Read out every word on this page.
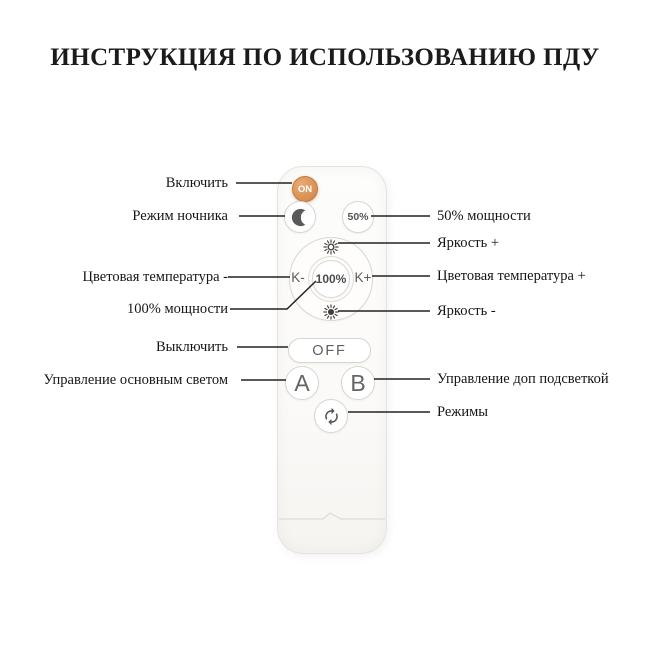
ИНСТРУКЦИЯ ПО ИСПОЛЬЗОВАНИЮ ПДУ
Включить
Режим ночника
Цветовая температура -
100% мощности
Выключить
Управление основным светом
50% мощности
Яркость +
Цветовая температура +
Яркость -
Управление доп подсветкой
Режимы
ON
50%
K- 100% K+
OFF
A B
